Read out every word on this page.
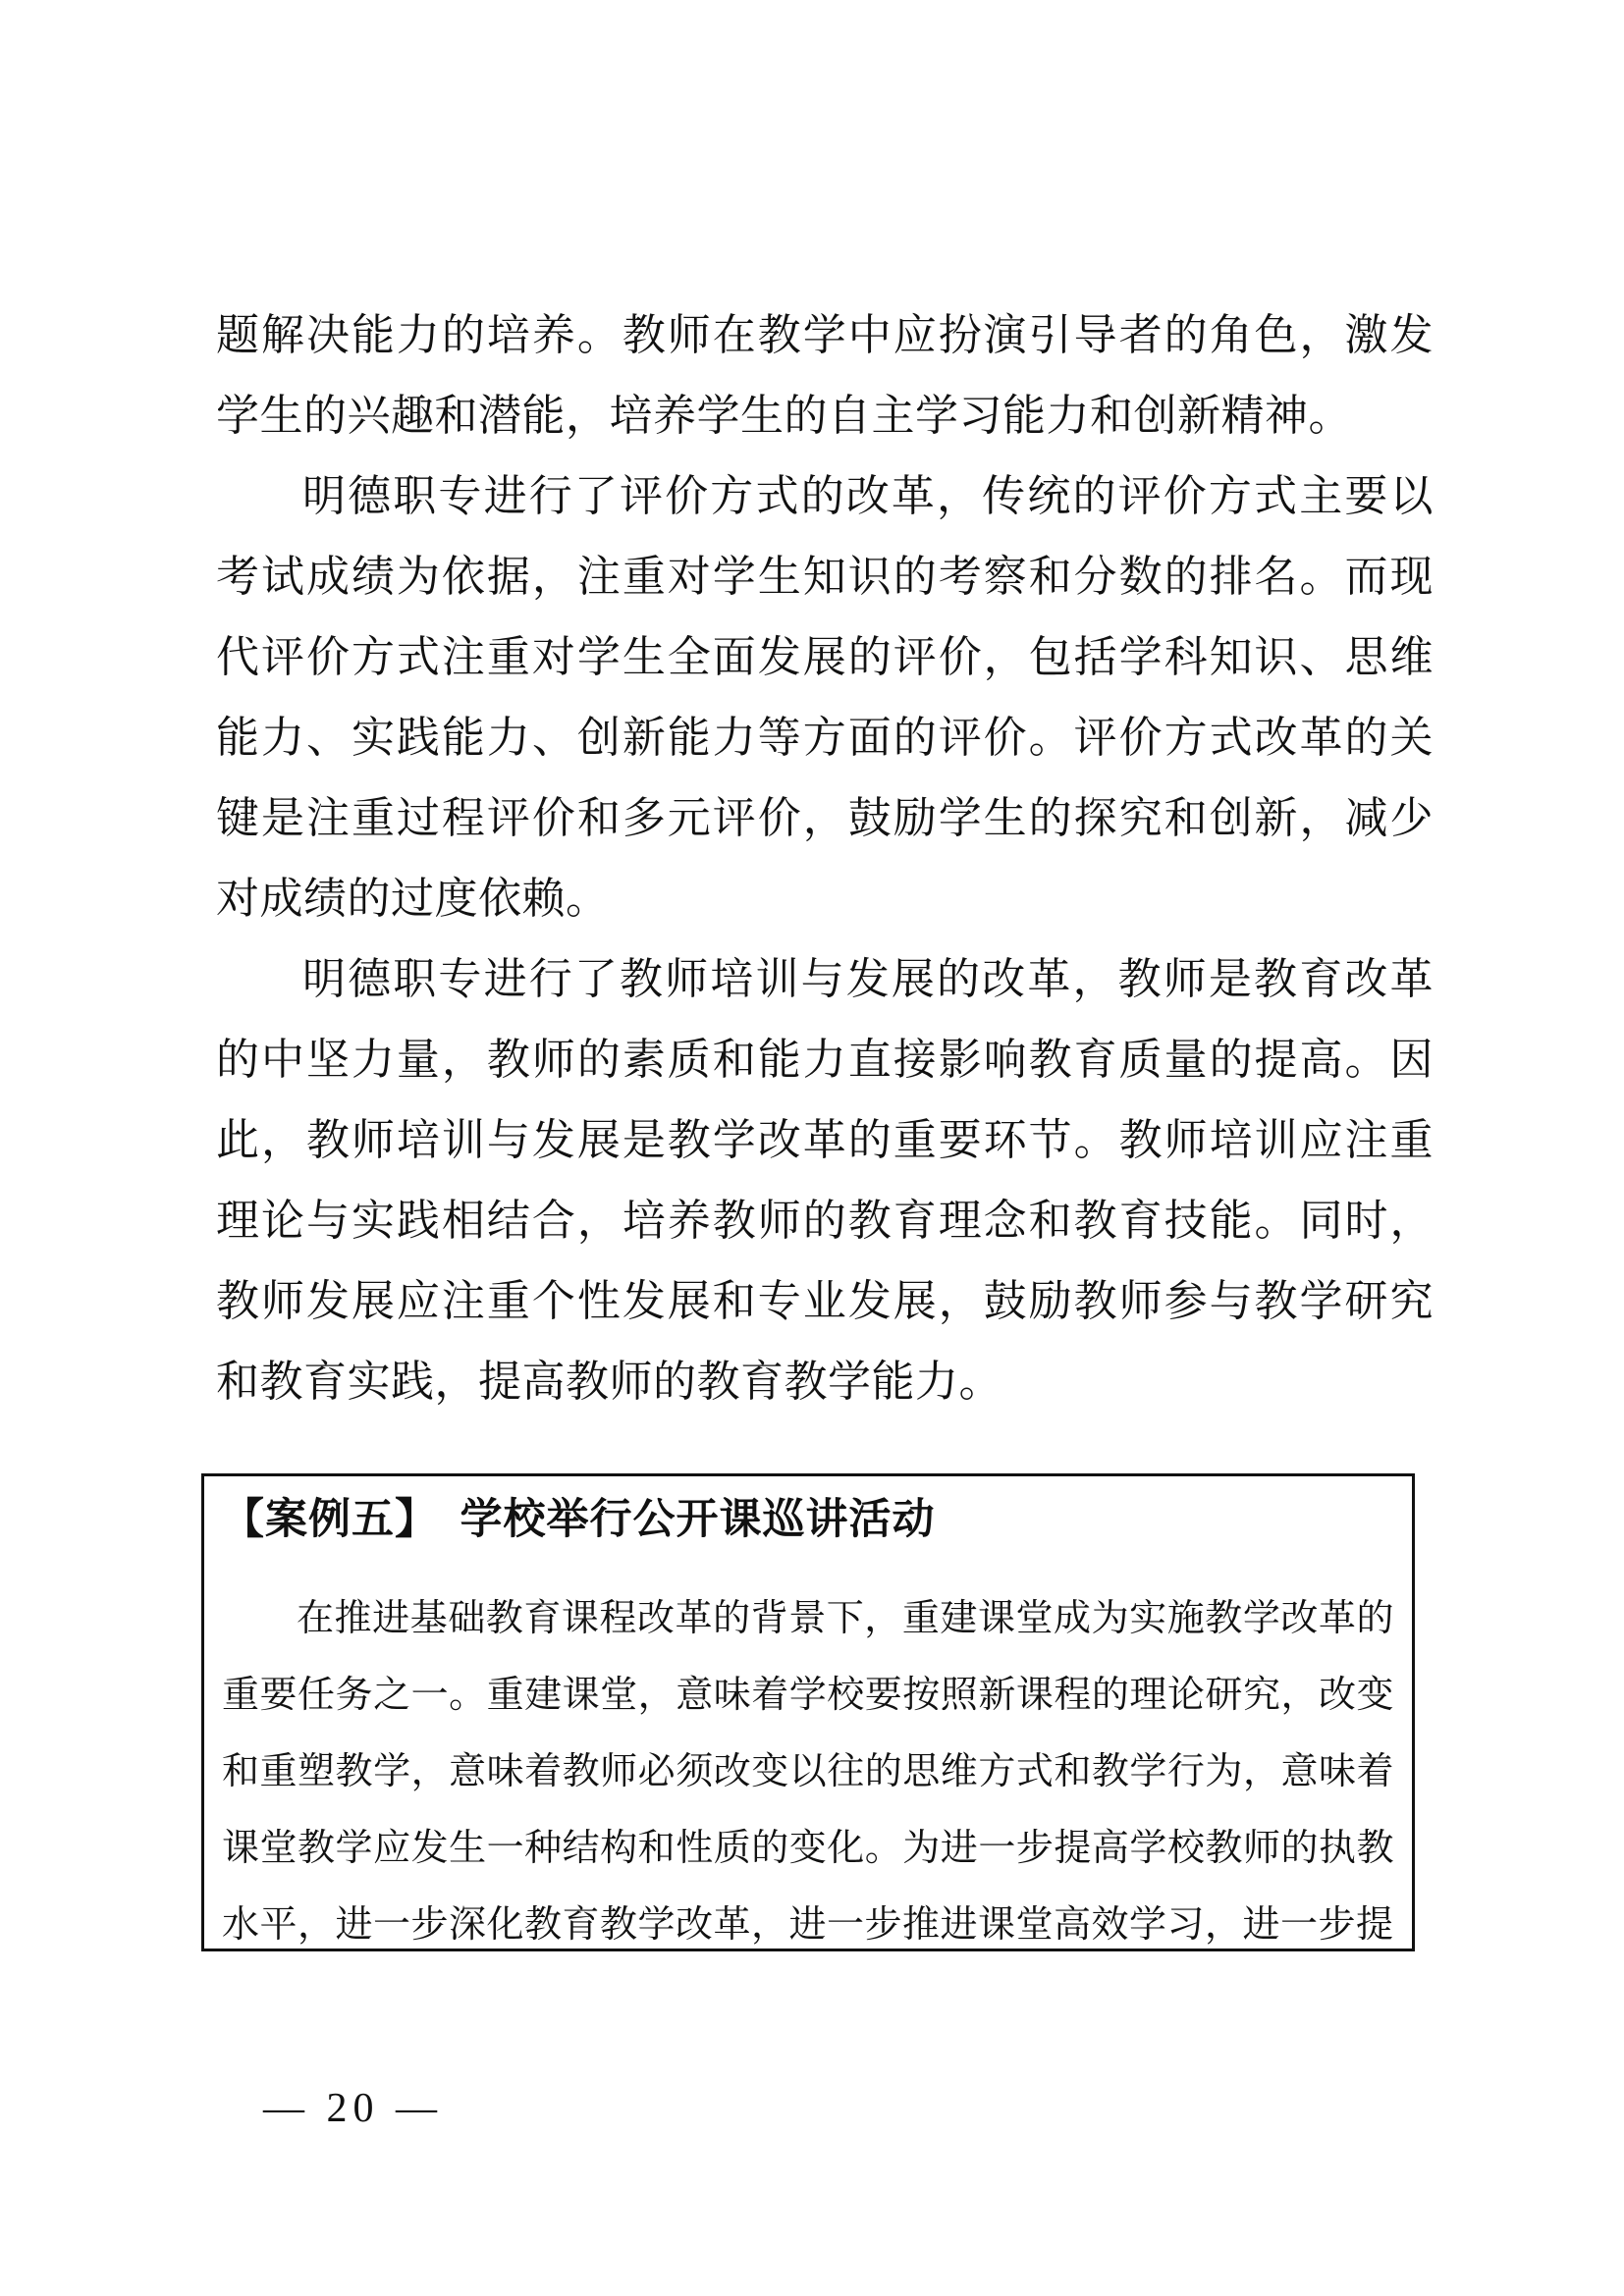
题解决能力的培养。教师在教学中应扮演引导者的角色，激发学生的兴趣和潜能，培养学生的自主学习能力和创新精神。

明德职专进行了评价方式的改革，传统的评价方式主要以考试成绩为依据，注重对学生知识的考察和分数的排名。而现代评价方式注重对学生全面发展的评价，包括学科知识、思维能力、实践能力、创新能力等方面的评价。评价方式改革的关键是注重过程评价和多元评价，鼓励学生的探究和创新，减少对成绩的过度依赖。

明德职专进行了教师培训与发展的改革，教师是教育改革的中坚力量，教师的素质和能力直接影响教育质量的提高。因此，教师培训与发展是教学改革的重要环节。教师培训应注重理论与实践相结合，培养教师的教育理念和教育技能。同时，教师发展应注重个性发展和专业发展，鼓励教师参与教学研究和教育实践，提高教师的教育教学能力。

【案例五】　学校举行公开课巡讲活动

在推进基础教育课程改革的背景下，重建课堂成为实施教学改革的重要任务之一。重建课堂，意味着学校要按照新课程的理论研究，改变和重塑教学，意味着教师必须改变以往的思维方式和教学行为，意味着课堂教学应发生一种结构和性质的变化。为进一步提高学校教师的执教水平，进一步深化教育教学改革，进一步推进课堂高效学习，进一步提

— 20 —
